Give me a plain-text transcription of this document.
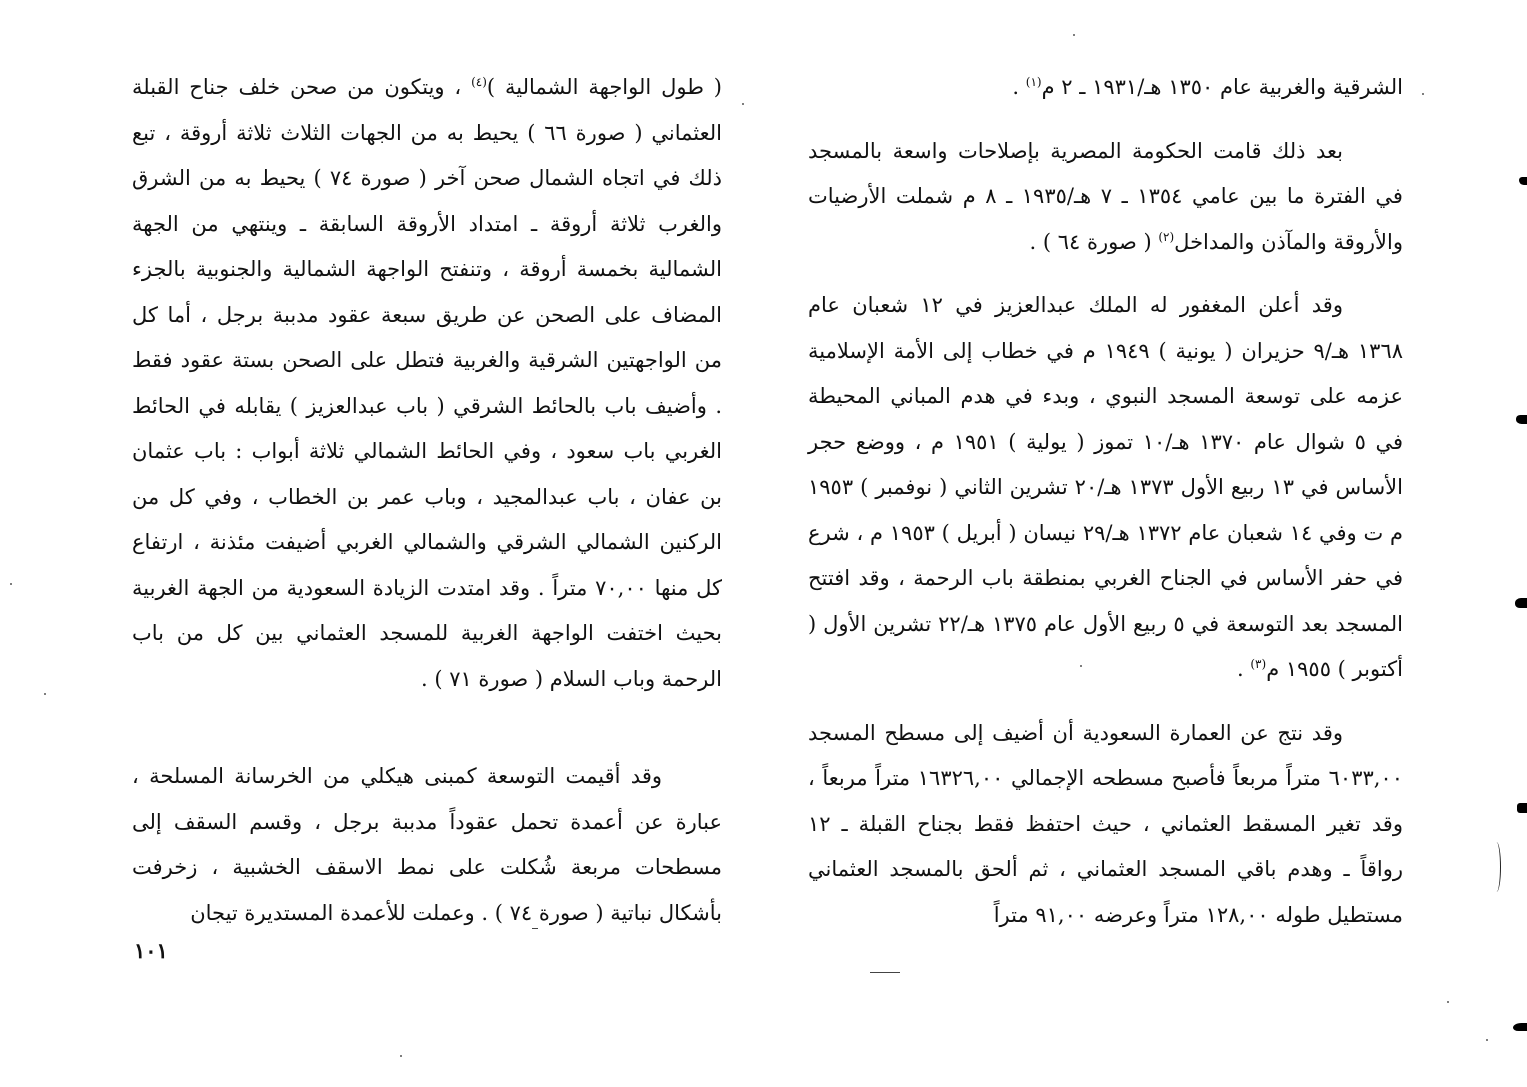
الشرقية والغربية عام ١٣٥٠ هـ/١٩٣١ ـ ٢ م$^{(١)}$ .

بعد ذلك قامت الحكومة المصرية بإصلاحات واسعة بالمسجد في الفترة ما بين عامي ١٣٥٤ ـ ٧ هـ/١٩٣٥ ـ ٨ م شملت الأرضيات والأروقة والمآذن والمداخل$^{(٢)}$ ( صورة ٦٤ ) .

وقد أعلن المغفور له الملك عبدالعزيز في ١٢ شعبان عام ١٣٦٨ هـ/٩ حزيران ( يونية ) ١٩٤٩ م في خطاب إلى الأمة الإسلامية عزمه على توسعة المسجد النبوي ، وبدء في هدم المباني المحيطة في ٥ شوال عام ١٣٧٠ هـ/١٠ تموز ( يولية ) ١٩٥١ م ، ووضع حجر الأساس في ١٣ ربيع الأول ١٣٧٣ هـ/٢٠ تشرين الثاني ( نوفمبر ) ١٩٥٣ م ت وفي ١٤ شعبان عام ١٣٧٢ هـ/٢٩ نيسان ( أبريل ) ١٩٥٣ م ، شرع في حفر الأساس في الجناح الغربي بمنطقة باب الرحمة ، وقد افتتح المسجد بعد التوسعة في ٥ ربيع الأول عام ١٣٧٥ هـ/٢٢ تشرين الأول ( أكتوبر ) ١٩٥٥ م$^{(٣)}$ .

وقد نتج عن العمارة السعودية أن أضيف إلى مسطح المسجد ٦٠٣٣,٠٠ متراً مربعاً فأصبح مسطحه الإجمالي ١٦٣٢٦,٠٠ متراً مربعاً ، وقد تغير المسقط العثماني ، حيث احتفظ فقط بجناح القبلة ـ ١٢ رواقاً ـ وهدم باقي المسجد العثماني ، ثم ألحق بالمسجد العثماني مستطيل طوله ١٢٨,٠٠ متراً وعرضه ٩١,٠٠ متراً

( طول الواجهة الشمالية )$^{(٤)}$ ، ويتكون من صحن خلف جناح القبلة العثماني ( صورة ٦٦ ) يحيط به من الجهات الثلاث ثلاثة أروقة ، تبع ذلك في اتجاه الشمال صحن آخر ( صورة ٧٤ ) يحيط به من الشرق والغرب ثلاثة أروقة ـ امتداد الأروقة السابقة ـ وينتهي من الجهة الشمالية بخمسة أروقة ، وتنفتح الواجهة الشمالية والجنوبية بالجزء المضاف على الصحن عن طريق سبعة عقود مدببة برجل ، أما كل من الواجهتين الشرقية والغربية فتطل على الصحن بستة عقود فقط . وأضيف باب بالحائط الشرقي ( باب عبدالعزيز ) يقابله في الحائط الغربي باب سعود ، وفي الحائط الشمالي ثلاثة أبواب : باب عثمان بن عفان ، باب عبدالمجيد ، وباب عمر بن الخطاب ، وفي كل من الركنين الشمالي الشرقي والشمالي الغربي أضيفت مئذنة ، ارتفاع كل منها ٧٠,٠٠ متراً . وقد امتدت الزيادة السعودية من الجهة الغربية بحيث اختفت الواجهة الغربية للمسجد العثماني بين كل من باب الرحمة وباب السلام ( صورة ٧١ ) .

وقد أقيمت التوسعة كمبنى هيكلي من الخرسانة المسلحة ، عبارة عن أعمدة تحمل عقوداً مدببة برجل ، وقسم السقف إلى مسطحات مربعة شُكلت على نمط الاسقف الخشبية ، زخرفت بأشكال نباتية ( صورة ٧٤ ) . وعملت للأعمدة المستديرة تيجان

١٠١
